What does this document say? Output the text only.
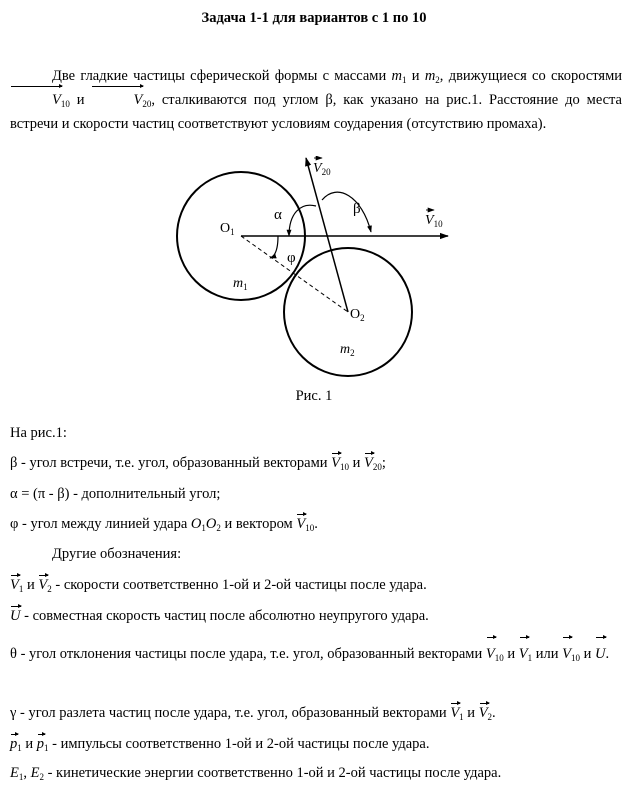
Задача 1-1 для вариантов с 1 по 10
Две гладкие частицы сферической формы с массами $m_1$ и $m_2$, движущиеся со скоростями $V_{10}$ и	$V_{20}$, сталкиваются под углом β, как указано на рис.1. Расстояние до места встречи и скорости частиц соответствуют условиям соударения (отсутствию промаха).
$O_1$
$O_2$
α	β
φ
$m_1$
$m_2$
$V_{10}$
$V_{20}$
Рис. 1
На рис.1:
β - угол встречи, т.е. угол, образованный векторами $V_{10}$ и $V_{20}$;
α = (π - β) - дополнительный угол;
φ - угол между линией удара $O_1O_2$ и вектором $V_{10}$.
Другие обозначения:
$V_1$ и $V_2$ - скорости соответственно 1-ой и 2-ой частицы после удара.
U - совместная скорость частиц после абсолютно неупругого удара.
θ - угол отклонения частицы после удара, т.е. угол, образованный векторами $V_{10}$ и $V_1$ или $V_{10}$ и U.
γ - угол разлета частиц после удара, т.е. угол, образованный векторами $V_1$ и $V_2$.
$p_1$ и $p_1$ - импульсы соответственно 1-ой и 2-ой частицы после удара.
$E_1$, $E_2$ - кинетические энергии соответственно 1-ой и 2-ой частицы после удара.
